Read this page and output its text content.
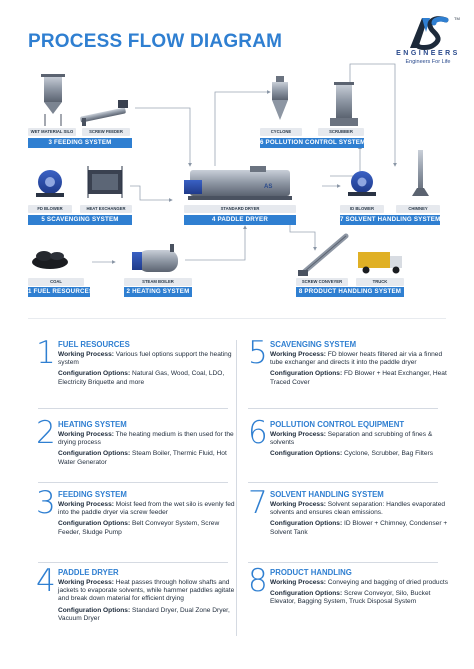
PROCESS FLOW DIAGRAM
TM
ENGINEERS
Engineers For Life
AS
WET MATERIAL SILO	SCREW FEEDER	CYCLONE	SCRUBBER
FD BLOWER	HEAT EXCHANGER	STANDARD DRYER	ID BLOWER	CHIMNEY
COAL	STEAM BOILER	SCREW CONVEYER	TRUCK
3 FEEDING SYSTEM	6 POLLUTION CONTROL SYSTEM
5 SCAVENGING SYSTEM	4 PADDLE DRYER	7 SOLVENT HANDLING SYSTEM
1 FUEL RESOURCES	2 HEATING SYSTEM	8 PRODUCT HANDLING SYSTEM
1 FUEL RESOURCES

Working Process: Various fuel options support the heating system

Configuration Options: Natural Gas, Wood, Coal, LDO, Electricity Briquette and more

5 SCAVENGING SYSTEM

Working Process: FD blower heats filtered air via a finned tube exchanger and directs it into the paddle dryer

Configuration Options: FD Blower + Heat Exchanger, Heat Traced Cover

2 HEATING SYSTEM

Working Process: The heating medium is then used for the drying process

Configuration Options: Steam Boiler, Thermic Fluid, Hot Water Generator

6 POLLUTION CONTROL EQUIPMENT

Working Process: Separation and scrubbing of fines & solvents

Configuration Options: Cyclone, Scrubber, Bag Filters

3 FEEDING SYSTEM

Working Process: Moist feed from the wet silo is evenly fed into the paddle dryer via screw feeder

Configuration Options: Belt Conveyor System, Screw Feeder, Sludge Pump

7 SOLVENT HANDLING SYSTEM

Working Process: Solvent separation: Handles evaporated solvents and ensures clean emissions.

Configuration Options: ID Blower + Chimney, Condenser + Solvent Tank

4 PADDLE DRYER

Working Process: Heat passes through hollow shafts and jackets to evaporate solvents, while hammer paddles agitate and break down material for efficient drying

Configuration Options: Standard Dryer, Dual Zone Dryer, Vacuum Dryer

8 PRODUCT HANDLING

Working Process: Conveying and bagging of dried products

Configuration Options: Screw Conveyor, Silo, Bucket Elevator, Bagging System, Truck Disposal System
